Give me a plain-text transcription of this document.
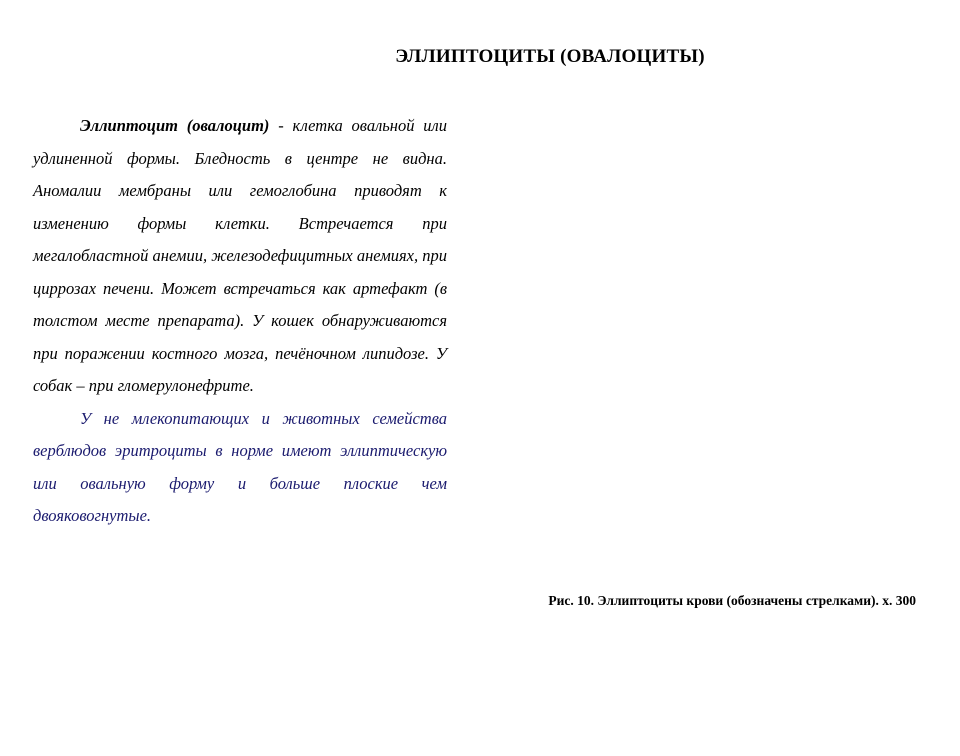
ЭЛЛИПТОЦИТЫ (ОВАЛОЦИТЫ)

Эллиптоцит (овалоцит) - клетка овальной или удлиненной формы. Бледность в центре не видна. Аномалии мембраны или гемоглобина приводят к изменению формы клетки. Встречается при мегалобластной анемии, железодефицитных анемиях, при циррозах печени. Может встречаться как артефакт (в толстом месте препарата). У кошек обнаруживаются при поражении костного мозга, печёночном липидозе. У собак – при гломерулонефрите.

У не млекопитающих и животных семейства верблюдов эритроциты в норме имеют эллиптическую или овальную форму и больше плоские чем двояковогнутые.

Рис. 10. Эллиптоциты крови (обозначены стрелками). х. 300
